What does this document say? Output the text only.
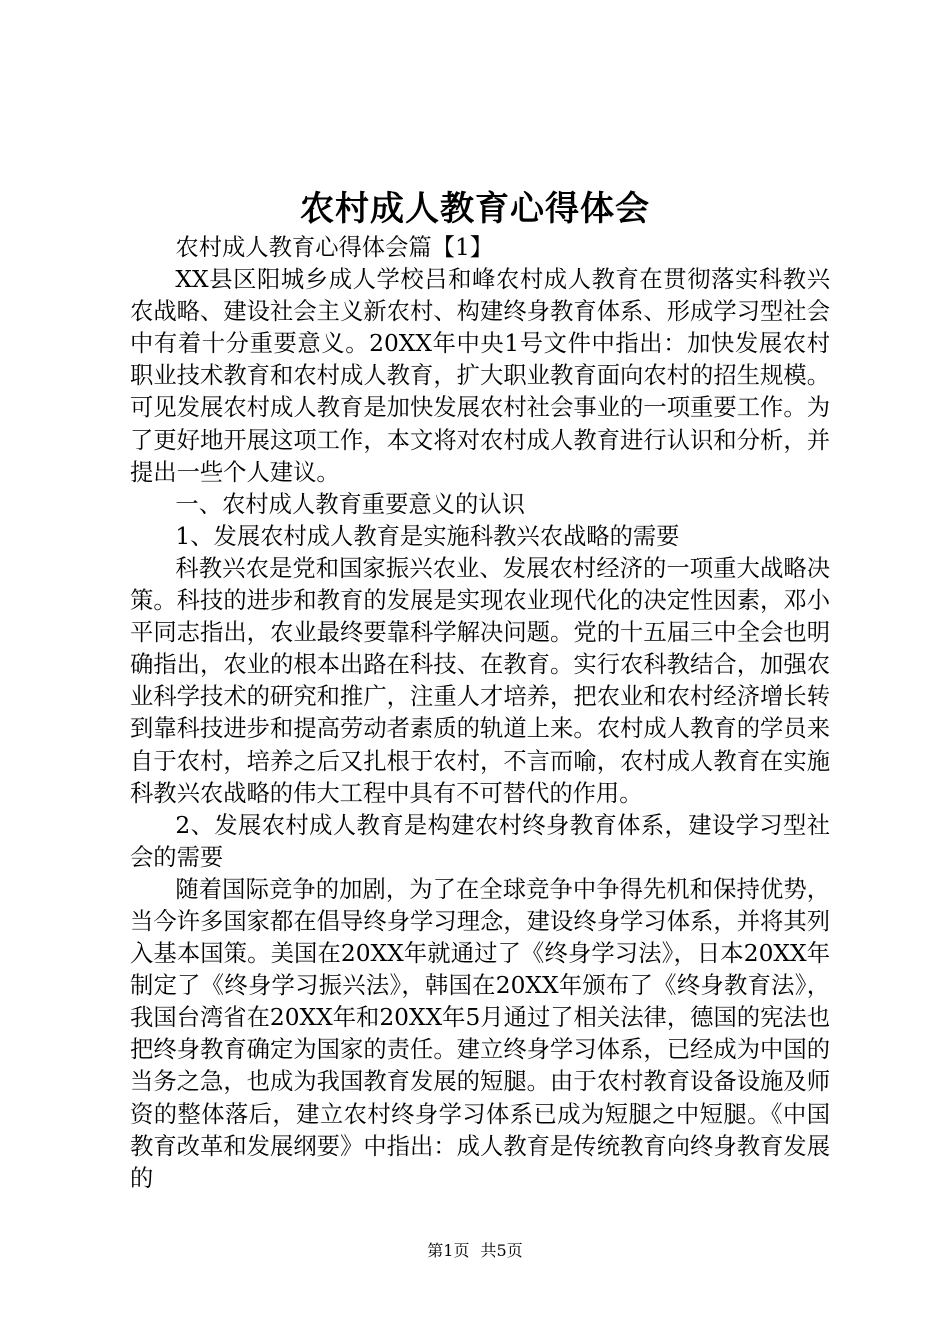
农村成人教育心得体会

农村成人教育心得体会篇【1】

XX县区阳城乡成人学校吕和峰农村成人教育在贯彻落实科教兴农战略、建设社会主义新农村、构建终身教育体系、形成学习型社会中有着十分重要意义。20XX年中央1号文件中指出：加快发展农村职业技术教育和农村成人教育，扩大职业教育面向农村的招生规模。可见发展农村成人教育是加快发展农村社会事业的一项重要工作。为了更好地开展这项工作，本文将对农村成人教育进行认识和分析，并提出一些个人建议。

一、农村成人教育重要意义的认识

1、发展农村成人教育是实施科教兴农战略的需要

科教兴农是党和国家振兴农业、发展农村经济的一项重大战略决策。科技的进步和教育的发展是实现农业现代化的决定性因素，邓小平同志指出，农业最终要靠科学解决问题。党的十五届三中全会也明确指出，农业的根本出路在科技、在教育。实行农科教结合，加强农业科学技术的研究和推广，注重人才培养，把农业和农村经济增长转到靠科技进步和提高劳动者素质的轨道上来。农村成人教育的学员来自于农村，培养之后又扎根于农村，不言而喻，农村成人教育在实施科教兴农战略的伟大工程中具有不可替代的作用。

2、发展农村成人教育是构建农村终身教育体系，建设学习型社会的需要

随着国际竞争的加剧，为了在全球竞争中争得先机和保持优势，当今许多国家都在倡导终身学习理念，建设终身学习体系，并将其列入基本国策。美国在20XX年就通过了《终身学习法》，日本20XX年制定了《终身学习振兴法》，韩国在20XX年颁布了《终身教育法》，我国台湾省在20XX年和20XX年5月通过了相关法律，德国的宪法也把终身教育确定为国家的责任。建立终身学习体系，已经成为中国的当务之急，也成为我国教育发展的短腿。由于农村教育设备设施及师资的整体落后，建立农村终身学习体系已成为短腿之中短腿。《中国教育改革和发展纲要》中指出：成人教育是传统教育向终身教育发展的

第1页 共5页
